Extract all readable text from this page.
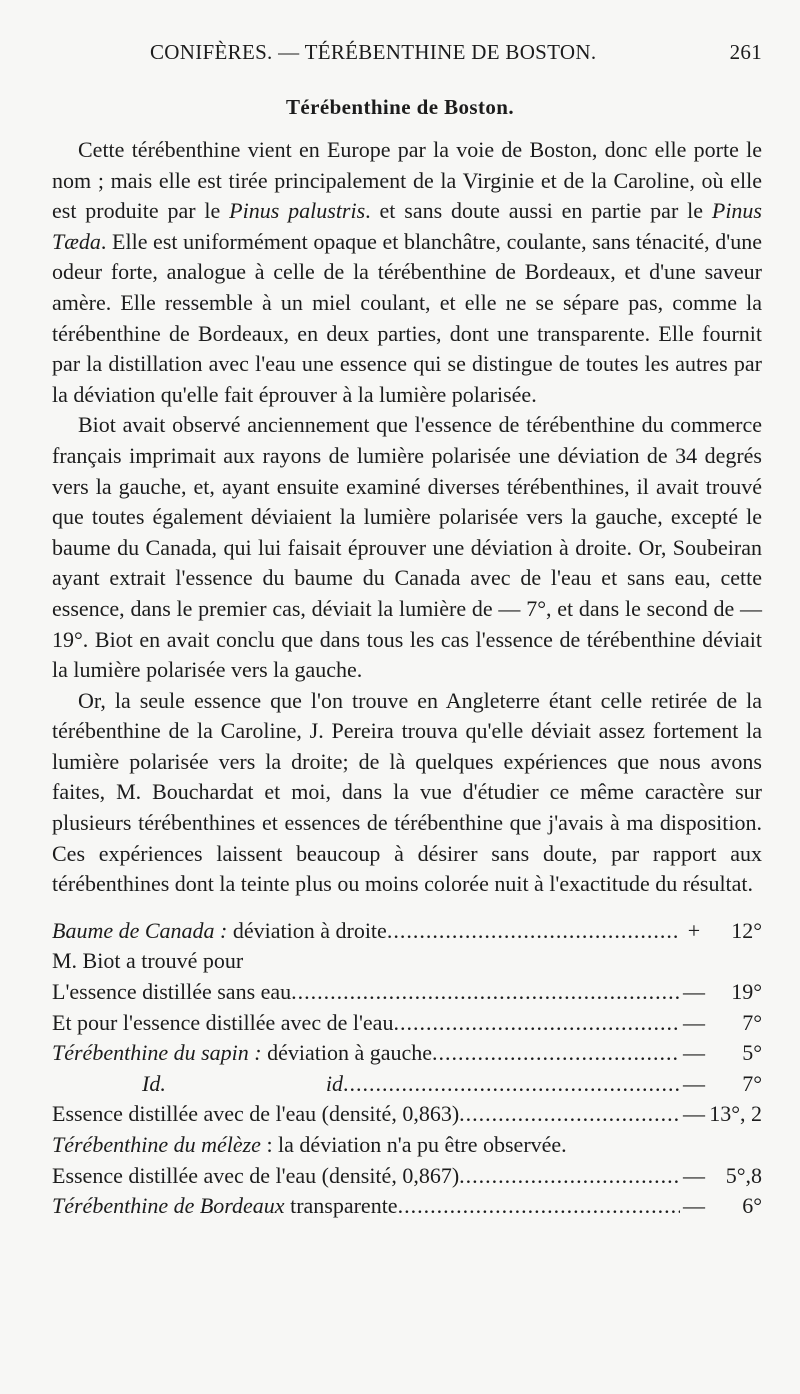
CONIFÈRES. — TÉRÉBENTHINE DE BOSTON.	261
Térébenthine de Boston.

Cette térébenthine vient en Europe par la voie de Boston, donc elle porte le nom ; mais elle est tirée principalement de la Virginie et de la Caroline, où elle est produite par le Pinus palustris. et sans doute aussi en partie par le Pinus Tæda. Elle est uniformément opaque et blanchâtre, coulante, sans ténacité, d'une odeur forte, analogue à celle de la térébenthine de Bordeaux, et d'une saveur amère. Elle ressemble à un miel coulant, et elle ne se sépare pas, comme la térébenthine de Bordeaux, en deux parties, dont une transparente. Elle fournit par la distillation avec l'eau une essence qui se distingue de toutes les autres par la déviation qu'elle fait éprouver à la lumière polarisée.

Biot avait observé anciennement que l'essence de térébenthine du commerce français imprimait aux rayons de lumière polarisée une déviation de 34 degrés vers la gauche, et, ayant ensuite examiné diverses térébenthines, il avait trouvé que toutes également déviaient la lumière polarisée vers la gauche, excepté le baume du Canada, qui lui faisait éprouver une déviation à droite. Or, Soubeiran ayant extrait l'essence du baume du Canada avec de l'eau et sans eau, cette essence, dans le premier cas, déviait la lumière de — 7°, et dans le second de — 19°. Biot en avait conclu que dans tous les cas l'essence de térébenthine déviait la lumière polarisée vers la gauche.

Or, la seule essence que l'on trouve en Angleterre étant celle retirée de la térébenthine de la Caroline, J. Pereira trouva qu'elle déviait assez fortement la lumière polarisée vers la droite; de là quelques expériences que nous avons faites, M. Bouchardat et moi, dans la vue d'étudier ce même caractère sur plusieurs térébenthines et essences de térébenthine que j'avais à ma disposition. Ces expériences laissent beaucoup à désirer sans doute, par rapport aux térébenthines dont la teinte plus ou moins colorée nuit à l'exactitude du résultat.

Baume de Canada : déviation à droite .....	+	12°
M. Biot a trouvé pour
L'essence distillée sans eau .....	—	19°
Et pour l'essence distillée avec de l'eau .....	—	7°
Térébenthine du sapin : déviation à gauche .....	—	5°
Id.	id .....	—	7°
Essence distillée avec de l'eau (densité, 0,863) .....	— 13°, 2
Térébenthine du mélèze : la déviation n'a pu être observée.
Essence distillée avec de l'eau (densité, 0,867) .....	— 5°,8
Térébenthine de Bordeaux transparente .....	—	6°
